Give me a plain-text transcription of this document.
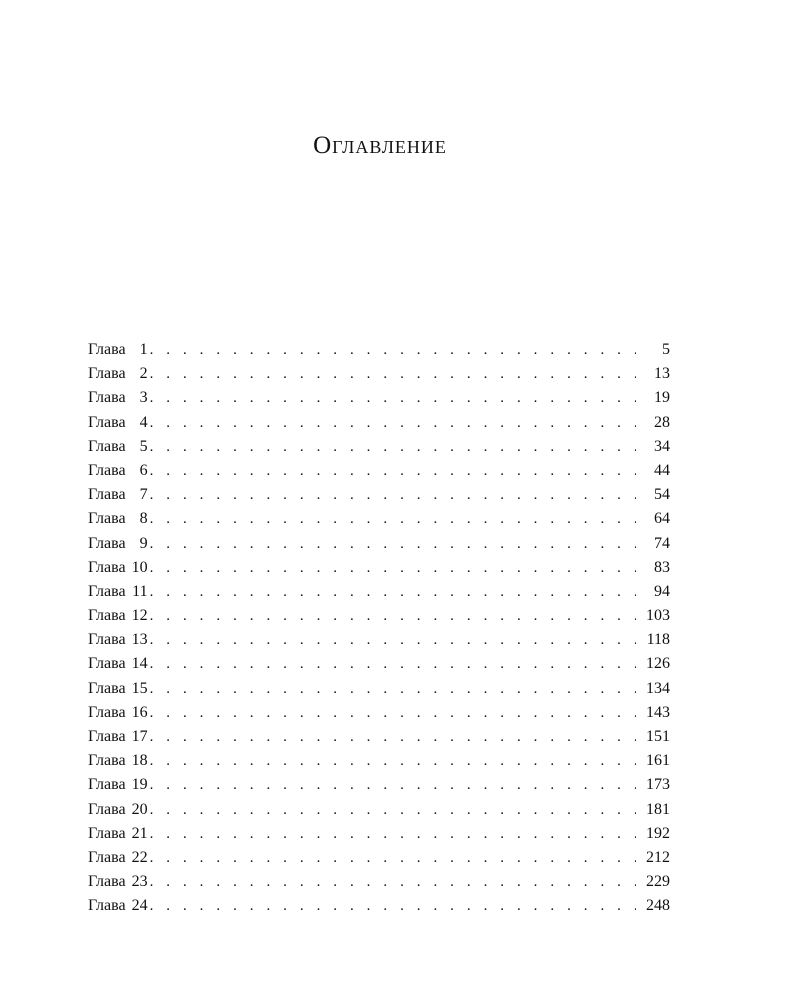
Оглавление
Глава 1 . . .	5
Глава 2 . . .	13
Глава 3 . . .	19
Глава 4 . . .	28
Глава 5 . . .	34
Глава 6 . . .	44
Глава 7 . . .	54
Глава 8 . . .	64
Глава 9 . . .	74
Глава 10 . . .	83
Глава 11 . . .	94
Глава 12 . . .	103
Глава 13 . . .	118
Глава 14 . . .	126
Глава 15 . . .	134
Глава 16 . . .	143
Глава 17 . . .	151
Глава 18 . . .	161
Глава 19 . . .	173
Глава 20 . . .	181
Глава 21 . . .	192
Глава 22 . . .	212
Глава 23 . . .	229
Глава 24 . . .	248
